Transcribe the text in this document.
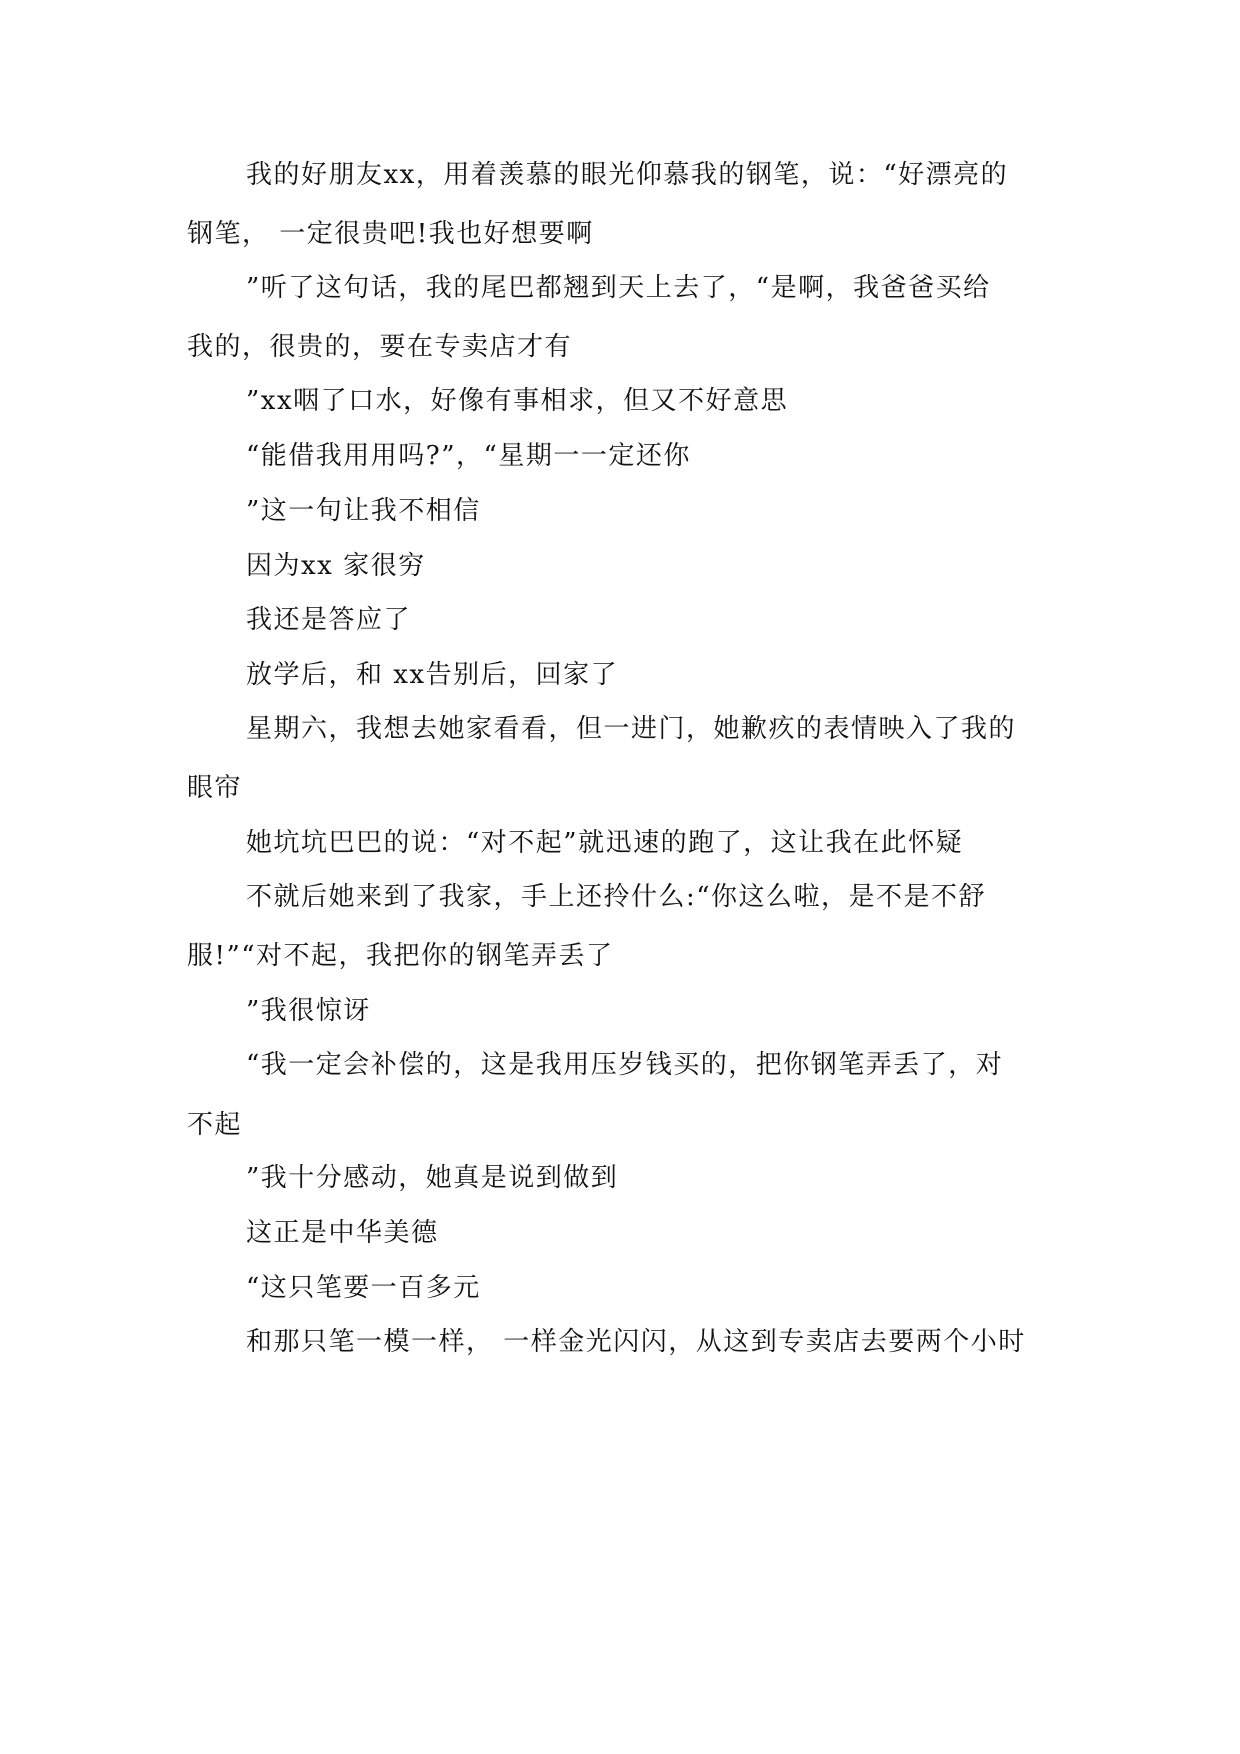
我的好朋友xx，用着羡慕的眼光仰慕我的钢笔，说：“好漂亮的
钢笔， 一定很贵吧!我也好想要啊
”听了这句话，我的尾巴都翘到天上去了，“是啊，我爸爸买给
我的，很贵的，要在专卖店才有
”xx咽了口水，好像有事相求，但又不好意思
“能借我用用吗?”，“星期一一定还你
”这一句让我不相信
因为xx 家很穷
我还是答应了
放学后，和 xx告别后，回家了
星期六，我想去她家看看，但一进门，她歉疚的表情映入了我的
眼帘
她坑坑巴巴的说：“对不起”就迅速的跑了，这让我在此怀疑
不就后她来到了我家，手上还拎什么:“你这么啦，是不是不舒
服!”“对不起，我把你的钢笔弄丢了
”我很惊讶
“我一定会补偿的，这是我用压岁钱买的，把你钢笔弄丢了，对
不起
”我十分感动，她真是说到做到
这正是中华美德
“这只笔要一百多元
和那只笔一模一样， 一样金光闪闪，从这到专卖店去要两个小时
